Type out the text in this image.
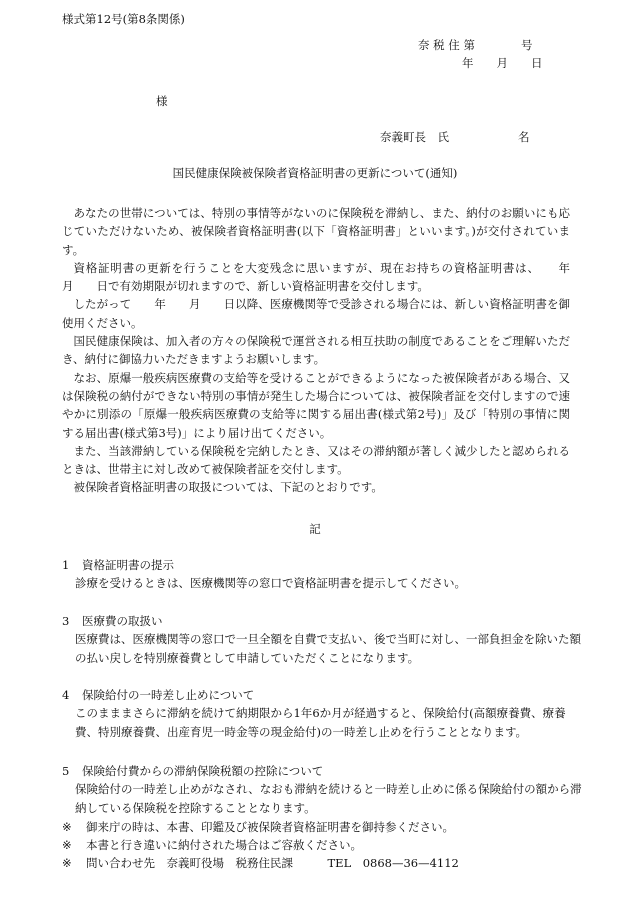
様式第12号(第8条関係)
奈 税 住 第　　　　号
年　　月　　日
様
奈義町長　氏　　　　　　名
国民健康保険被保険者資格証明書の更新について(通知)

あなたの世帯については、特別の事情等がないのに保険税を滞納し、また、納付のお願いにも応じていただけないため、被保険者資格証明書(以下「資格証明書」といいます。)が交付されています。

資格証明書の更新を行うことを大変残念に思いますが、現在お持ちの資格証明書は、　　年　　月　　日で有効期限が切れますので、新しい資格証明書を交付します。

したがって　　年　　月　　日以降、医療機関等で受診される場合には、新しい資格証明書を御使用ください。

国民健康保険は、加入者の方々の保険税で運営される相互扶助の制度であることをご理解いただき、納付に御協力いただきますようお願いします。

なお、原爆一般疾病医療費の支給等を受けることができるようになった被保険者がある場合、又は保険税の納付ができない特別の事情が発生した場合については、被保険者証を交付しますので速やかに別添の「原爆一般疾病医療費の支給等に関する届出書(様式第2号)」及び「特別の事情に関する届出書(様式第3号)」により届け出てください。

また、当該滞納している保険税を完納したとき、又はその滞納額が著しく減少したと認められるときは、世帯主に対し改めて被保険者証を交付します。

被保険者資格証明書の取扱については、下記のとおりです。

記

1 資格証明書の提示

診療を受けるときは、医療機関等の窓口で資格証明書を提示してください。

3 医療費の取扱い

医療費は、医療機関等の窓口で一旦全額を自費で支払い、後で当町に対し、一部負担金を除いた額の払い戻しを特別療養費として申請していただくことになります。

4 保険給付の一時差し止めについて

このまままさらに滞納を続けて納期限から1年6か月が経過すると、保険給付(高額療養費、療養費、特別療養費、出産育児一時金等の現金給付)の一時差し止めを行うこととなります。

5 保険給付費からの滞納保険税額の控除について

保険給付の一時差し止めがなされ、なおも滞納を続けると一時差し止めに係る保険給付の額から滞納している保険税を控除することとなります。

※ 御来庁の時は、本書、印鑑及び被保険者資格証明書を御持参ください。
※ 本書と行き違いに納付された場合はご容赦ください。
※ 問い合わせ先　奈義町役場　税務住民課　　　TEL　0868—36—4112
